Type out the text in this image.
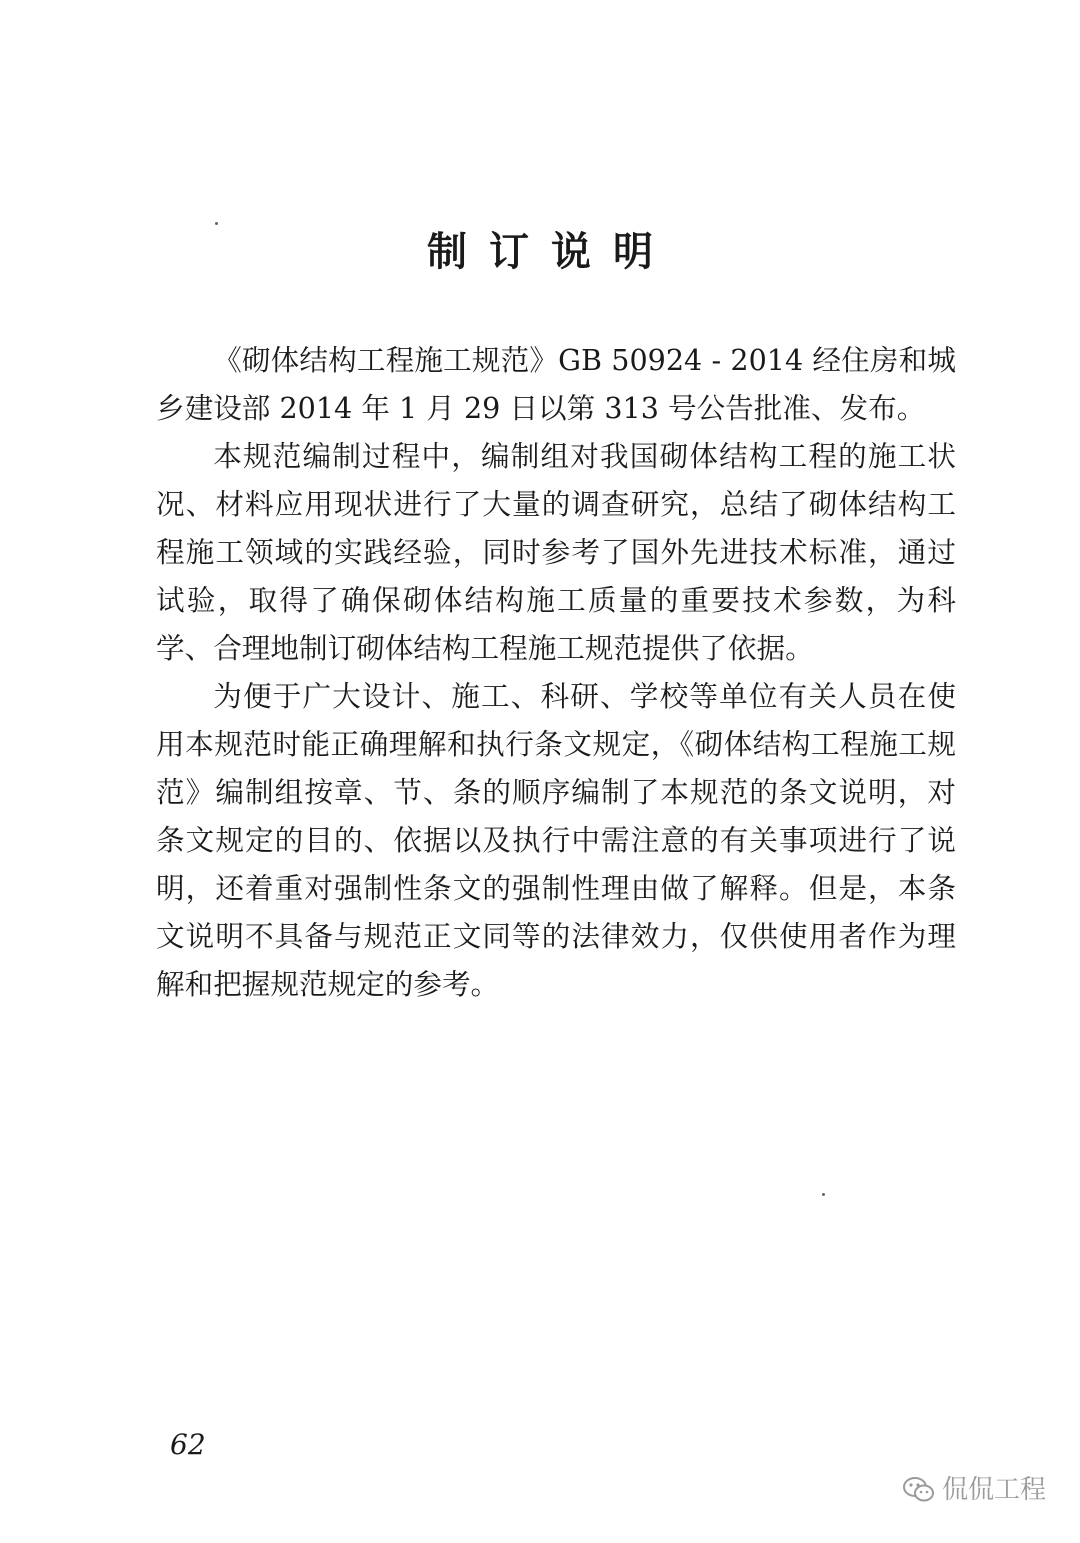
制订说明

《砌体结构工程施工规范》GB 50924 - 2014 经住房和城乡建设部 2014 年 1 月 29 日以第 313 号公告批准、发布。

本规范编制过程中，编制组对我国砌体结构工程的施工状况、材料应用现状进行了大量的调查研究，总结了砌体结构工程施工领域的实践经验，同时参考了国外先进技术标准，通过试验，取得了确保砌体结构施工质量的重要技术参数，为科学、合理地制订砌体结构工程施工规范提供了依据。

为便于广大设计、施工、科研、学校等单位有关人员在使用本规范时能正确理解和执行条文规定，《砌体结构工程施工规范》编制组按章、节、条的顺序编制了本规范的条文说明，对条文规定的目的、依据以及执行中需注意的有关事项进行了说明，还着重对强制性条文的强制性理由做了解释。但是，本条文说明不具备与规范正文同等的法律效力，仅供使用者作为理解和把握规范规定的参考。

62
侃侃工程
